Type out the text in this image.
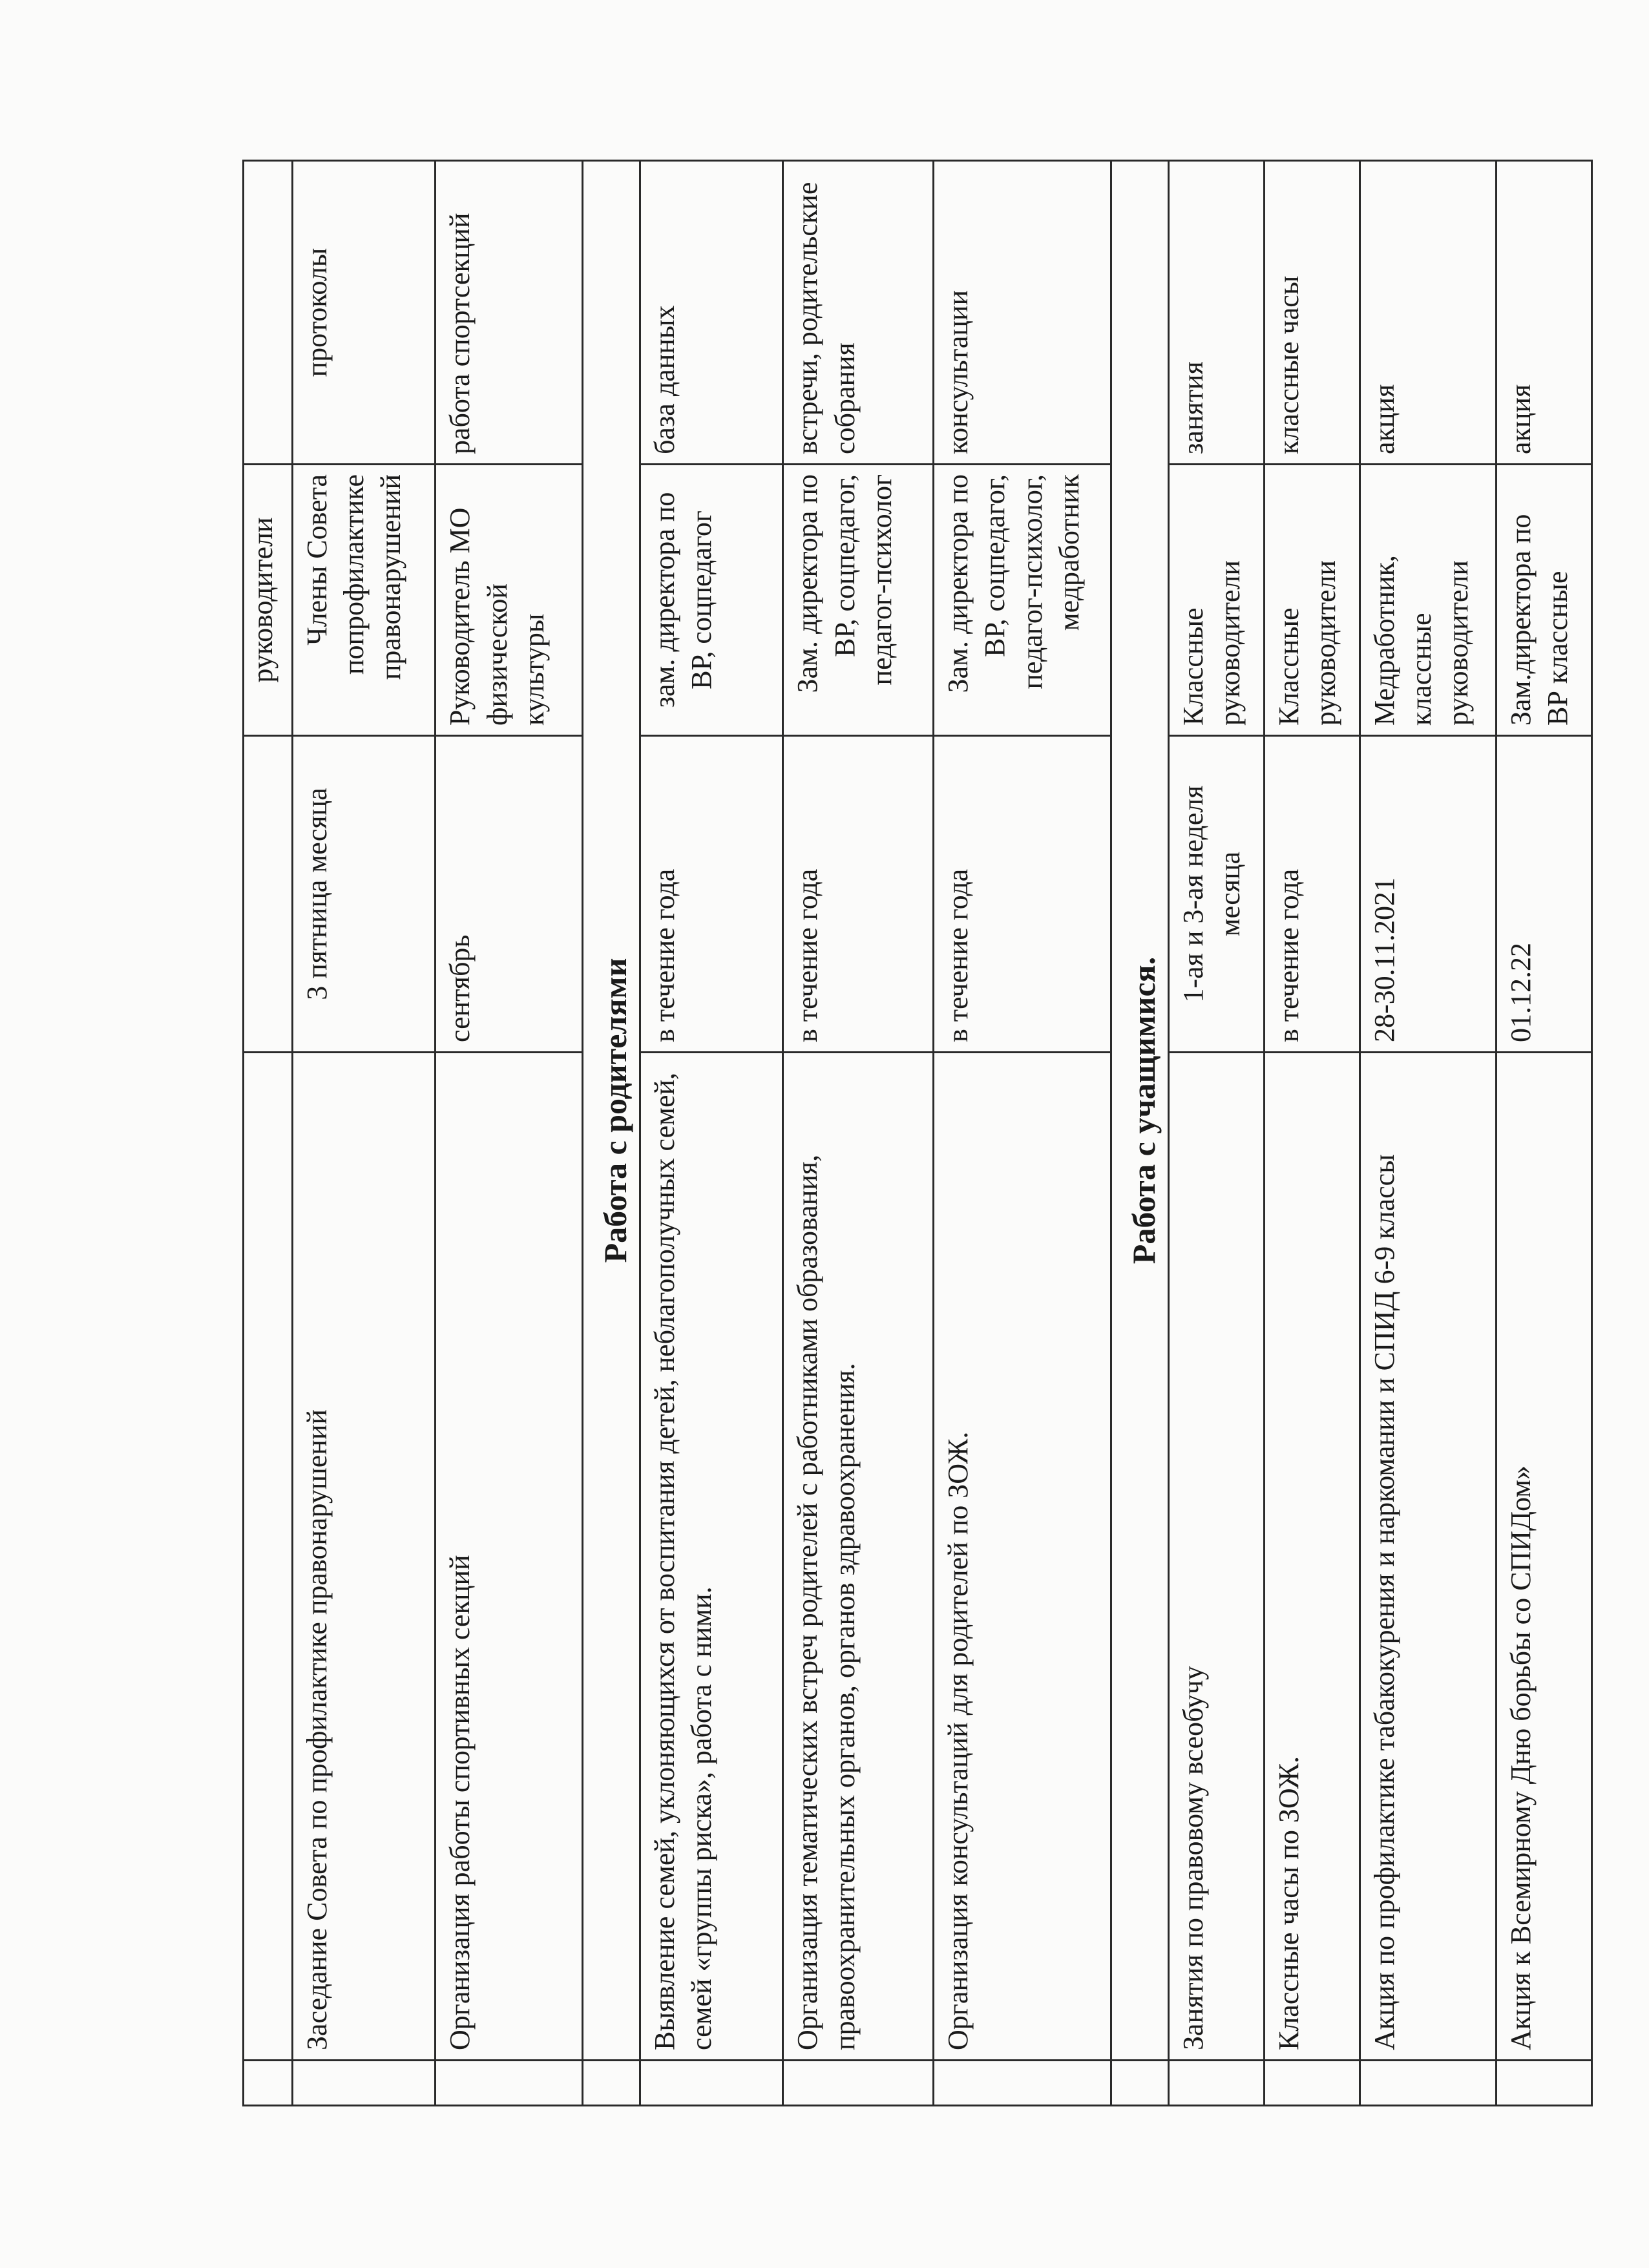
			руководители	
	Заседание Совета по профилактике правонарушений	3 пятница месяца	Члены Совета попрофилактике правонарушений	протоколы
	Организация работы спортивных секций	сентябрь	Руководитель МО физической культуры	работа спортсекций
	Работа с родителями			
	Выявление семей, уклоняющихся от воспитания детей, неблагополучных семей, семей «группы риска», работа с ними.	в течение года	зам. директора по ВР, соцпедагог	база данных
	Организация тематических встреч родителей с работниками образования, правоохранительных органов, органов здравоохранения.	в течение года	Зам. директора по ВР, соцпедагог, педагог-психолог	встречи, родительские собрания
	Организация консультаций для родителей по ЗОЖ.	в течение года	Зам. директора по ВР, соцпедагог, педагог-психолог, медработник	консультации
	Работа с учащимися.			
	Занятия по правовому всеобучу	1-ая и 3-ая неделя месяца	Классные руководители	занятия
	Классные часы по ЗОЖ.	в течение года	Классные руководители	классные часы
	Акция по профилактике табакокурения и наркомании и СПИД 6-9 классы	28-30.11.2021	Медработник, классные руководители	акция
	Акция к Всемирному Дню борьбы со СПИДом»	01.12.22	Зам.директора по ВР классные	акция
